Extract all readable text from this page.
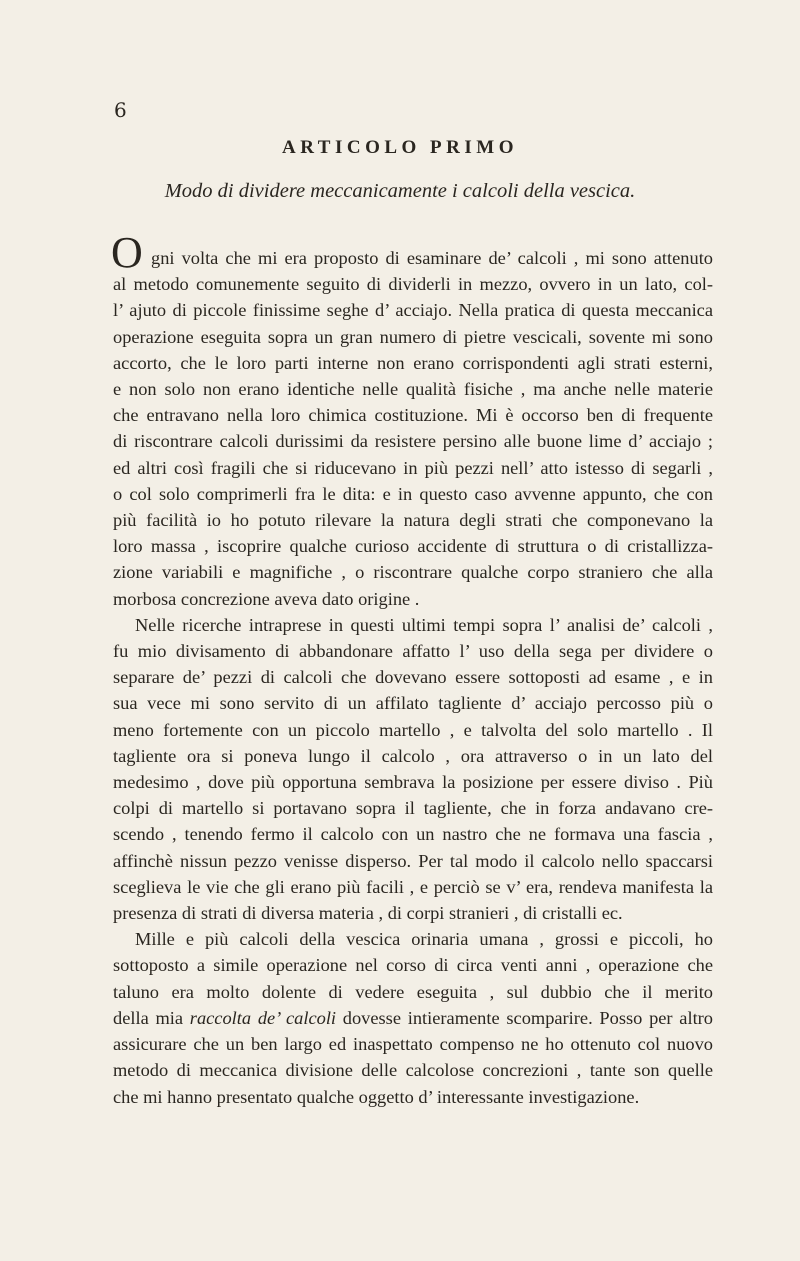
6
ARTICOLO PRIMO
Modo di dividere meccanicamente i calcoli della vescica.
O gni volta che mi era proposto di esaminare de’ calcoli , mi sono attenuto
al metodo comunemente seguito di dividerli in mezzo, ovvero in un lato, col-
l’ ajuto di piccole finissime seghe d’ acciajo. Nella pratica di questa meccanica
operazione eseguita sopra un gran numero di pietre vescicali, sovente mi sono
accorto, che le loro parti interne non erano corrispondenti agli strati esterni,
e non solo non erano identiche nelle qualità fisiche , ma anche nelle materie
che entravano nella loro chimica costituzione. Mi è occorso ben di frequente
di riscontrare calcoli durissimi da resistere persino alle buone lime d’ acciajo ;
ed altri così fragili che si riducevano in più pezzi nell’ atto istesso di segarli ,
o col solo comprimerli fra le dita: e in questo caso avvenne appunto, che con
più facilità io ho potuto rilevare la natura degli strati che componevano la
loro massa , iscoprire qualche curioso accidente di struttura o di cristallizza-
zione variabili e magnifiche , o riscontrare qualche corpo straniero che alla
morbosa concrezione aveva dato origine .
Nelle ricerche intraprese in questi ultimi tempi sopra l’ analisi de’ calcoli ,
fu mio divisamento di abbandonare affatto l’ uso della sega per dividere o
separare de’ pezzi di calcoli che dovevano essere sottoposti ad esame , e in
sua vece mi sono servito di un affilato tagliente d’ acciajo percosso più o
meno fortemente con un piccolo martello , e talvolta del solo martello . Il
tagliente ora si poneva lungo il calcolo , ora attraverso o in un lato del
medesimo , dove più opportuna sembrava la posizione per essere diviso . Più
colpi di martello si portavano sopra il tagliente, che in forza andavano cre-
scendo , tenendo fermo il calcolo con un nastro che ne formava una fascia ,
affinchè nissun pezzo venisse disperso. Per tal modo il calcolo nello spaccarsi
sceglieva le vie che gli erano più facili , e perciò se v’ era, rendeva manifesta la
presenza di strati di diversa materia , di corpi stranieri , di cristalli ec.
Mille e più calcoli della vescica orinaria umana , grossi e piccoli, ho
sottoposto a simile operazione nel corso di circa venti anni , operazione che
taluno era molto dolente di vedere eseguita , sul dubbio che il merito
della mia raccolta de’ calcoli dovesse intieramente scomparire. Posso per altro
assicurare che un ben largo ed inaspettato compenso ne ho ottenuto col nuovo
metodo di meccanica divisione delle calcolose concrezioni , tante son quelle
che mi hanno presentato qualche oggetto d’ interessante investigazione.
